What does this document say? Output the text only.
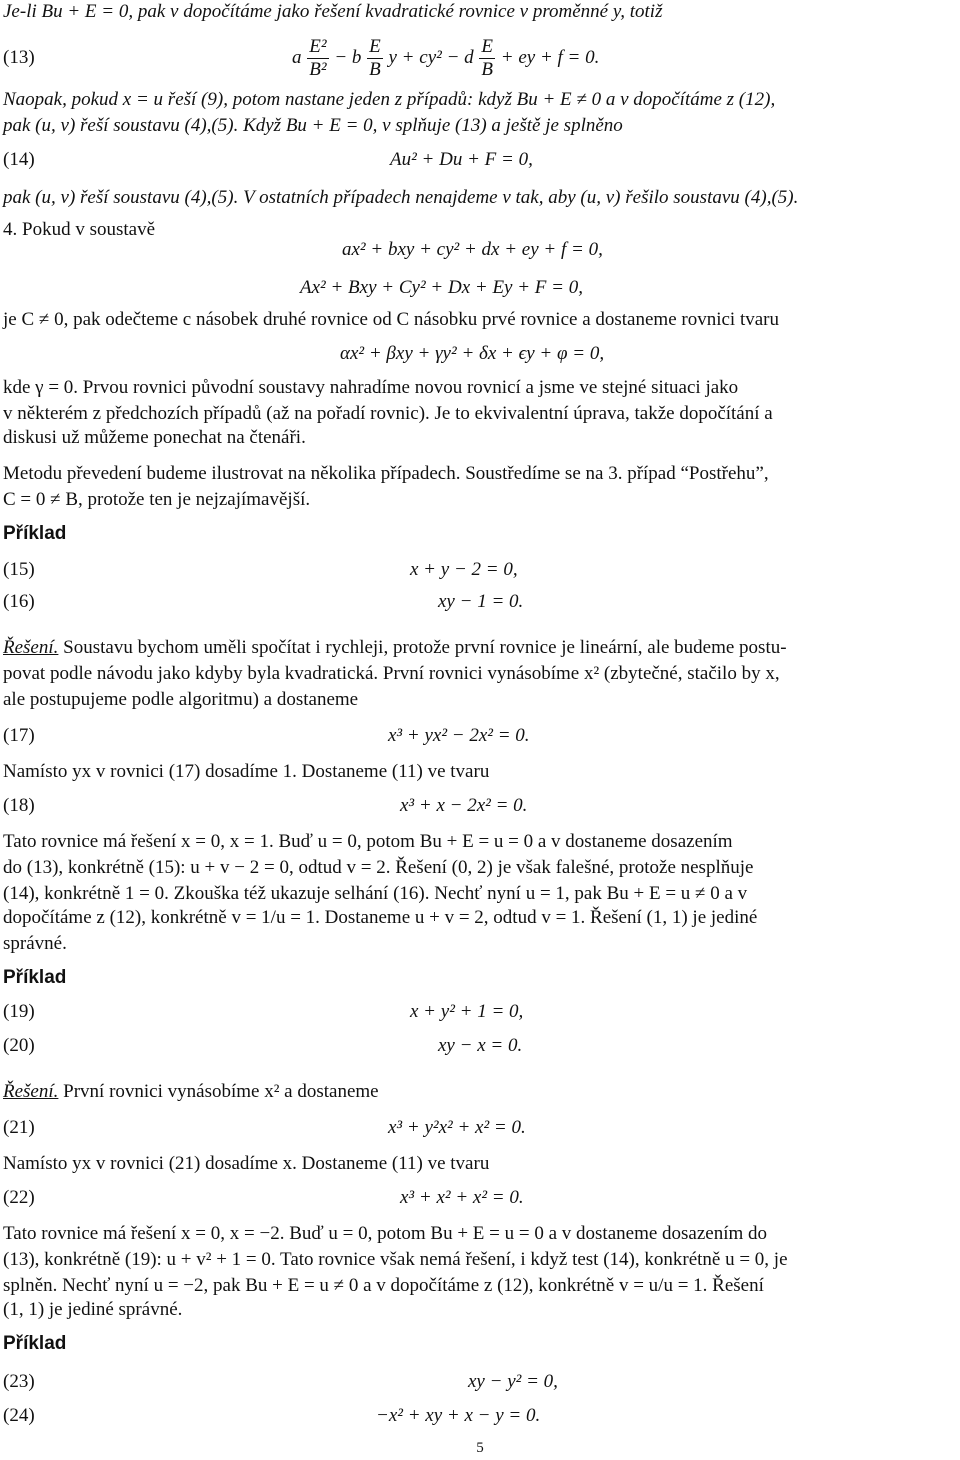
Je-li Bu + E = 0, pak v dopočítáme jako řešení kvadratické rovnice v proměnné y, totiž
(13)	a $\frac{\text{E²}}{\text{B²}} - b \frac{E}{B}$ y + cy² − d $\frac{E}{B}$ + ey + f = 0.
Naopak, pokud x = u řeší (9), potom nastane jeden z případů: když Bu + E ≠ 0 a v dopočítáme z (12),
pak (u, v) řeší soustavu (4),(5). Když Bu + E = 0, v splňuje (13) a ještě je splněno
(14)	Au² + Du + F = 0,
pak (u, v) řeší soustavu (4),(5). V ostatních případech nenajdeme v tak, aby (u, v) řešilo soustavu (4),(5).
4. Pokud v soustavě
ax² + bxy + cy² + dx + ey + f = 0,
Ax² + Bxy + Cy² + Dx + Ey + F = 0,
je C ≠ 0, pak odečteme c násobek druhé rovnice od C násobku prvé rovnice a dostaneme rovnici tvaru
αx² + βxy + γy² + δx + ϵy + φ = 0,
kde γ = 0. Prvou rovnici původní soustavy nahradíme novou rovnicí a jsme ve stejné situaci jako
v některém z předchozích případů (až na pořadí rovnic). Je to ekvivalentní úprava, takže dopočítání a
diskusi už můžeme ponechat na čtenáři.
Metodu převedení budeme ilustrovat na několika případech. Soustředíme se na 3. případ “Postřehu”,
C = 0 ≠ B, protože ten je nejzajímavější.
Příklad
(15)	x + y − 2 = 0,
(16)	xy − 1 = 0.
Řešení. Soustavu bychom uměli spočítat i rychleji, protože první rovnice je lineární, ale budeme postu-
povat podle návodu jako kdyby byla kvadratická. První rovnici vynásobíme x² (zbytečné, stačilo by x,
ale postupujeme podle algoritmu) a dostaneme
(17)	x³ + yx² − 2x² = 0.
Namísto yx v rovnici (17) dosadíme 1. Dostaneme (11) ve tvaru
(18)	x³ + x − 2x² = 0.
Tato rovnice má řešení x = 0, x = 1. Buď u = 0, potom Bu + E = u = 0 a v dostaneme dosazením
do (13), konkrétně (15): u + v − 2 = 0, odtud v = 2. Řešení (0, 2) je však falešné, protože nesplňuje
(14), konkrétně 1 = 0. Zkouška též ukazuje selhání (16). Nechť nyní u = 1, pak Bu + E = u ≠ 0 a v
dopočítáme z (12), konkrétně v = 1/u = 1. Dostaneme u + v = 2, odtud v = 1. Řešení (1, 1) je jediné
správné.
Příklad
(19)	x + y² + 1 = 0,
(20)	xy − x = 0.
Řešení. První rovnici vynásobíme x² a dostaneme
(21)	x³ + y²x² + x² = 0.
Namísto yx v rovnici (21) dosadíme x. Dostaneme (11) ve tvaru
(22)	x³ + x² + x² = 0.
Tato rovnice má řešení x = 0, x = −2. Buď u = 0, potom Bu + E = u = 0 a v dostaneme dosazením do
(13), konkrétně (19): u + v² + 1 = 0. Tato rovnice však nemá řešení, i když test (14), konkrétně u = 0, je
splněn. Nechť nyní u = −2, pak Bu + E = u ≠ 0 a v dopočítáme z (12), konkrétně v = u/u = 1. Řešení
(1, 1) je jediné správné.
Příklad
(23)	xy − y² = 0,
(24)	−x² + xy + x − y = 0.
5
